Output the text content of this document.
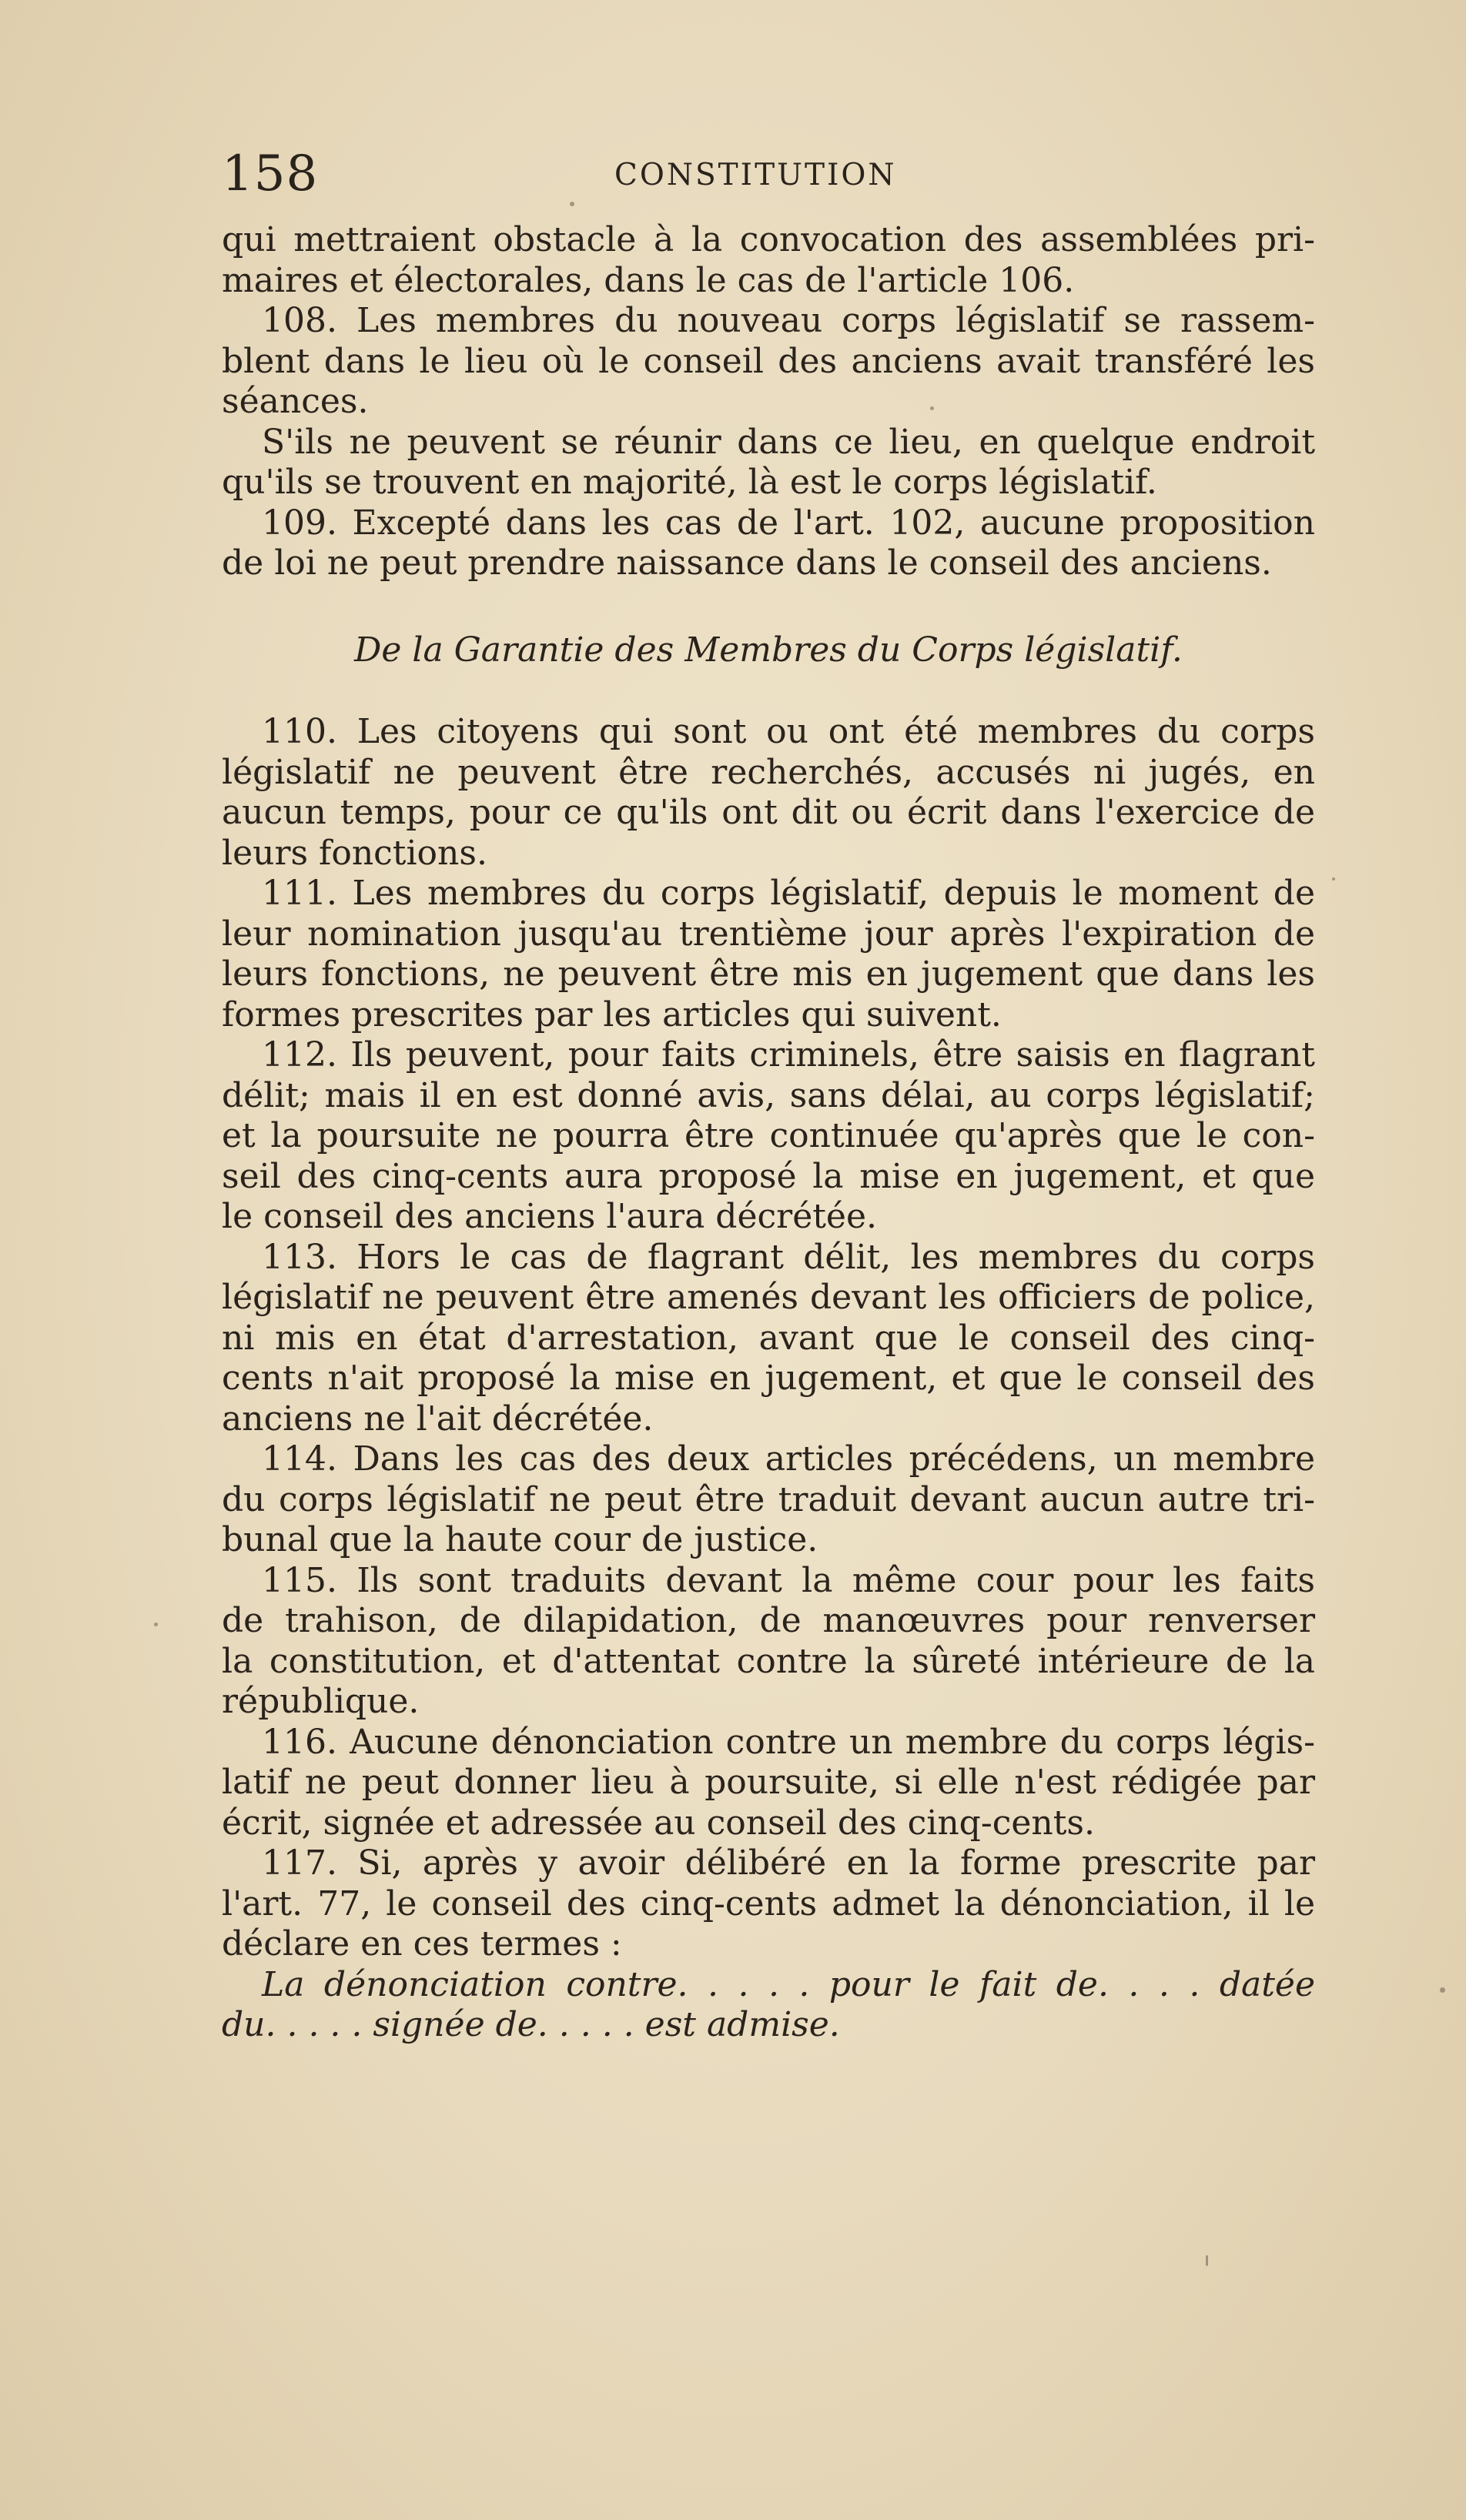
158	CONSTITUTION
qui mettraient obstacle à la convocation des assemblées pri-
maires et électorales, dans le cas de l'article 106.
108. Les membres du nouveau corps législatif se rassem-
blent dans le lieu où le conseil des anciens avait transféré les
séances.
S'ils ne peuvent se réunir dans ce lieu, en quelque endroit
qu'ils se trouvent en majorité, là est le corps législatif.
109. Excepté dans les cas de l'art. 102, aucune proposition
de loi ne peut prendre naissance dans le conseil des anciens.
De la Garantie des Membres du Corps législatif.
110. Les citoyens qui sont ou ont été membres du corps
législatif ne peuvent être recherchés, accusés ni jugés, en
aucun temps, pour ce qu'ils ont dit ou écrit dans l'exercice de
leurs fonctions.
111. Les membres du corps législatif, depuis le moment de
leur nomination jusqu'au trentième jour après l'expiration de
leurs fonctions, ne peuvent être mis en jugement que dans les
formes prescrites par les articles qui suivent.
112. Ils peuvent, pour faits criminels, être saisis en flagrant
délit; mais il en est donné avis, sans délai, au corps législatif;
et la poursuite ne pourra être continuée qu'après que le con-
seil des cinq-cents aura proposé la mise en jugement, et que
le conseil des anciens l'aura décrétée.
113. Hors le cas de flagrant délit, les membres du corps
législatif ne peuvent être amenés devant les officiers de police,
ni mis en état d'arrestation, avant que le conseil des cinq-
cents n'ait proposé la mise en jugement, et que le conseil des
anciens ne l'ait décrétée.
114. Dans les cas des deux articles précédens, un membre
du corps législatif ne peut être traduit devant aucun autre tri-
bunal que la haute cour de justice.
115. Ils sont traduits devant la même cour pour les faits
de trahison, de dilapidation, de manœuvres pour renverser
la constitution, et d'attentat contre la sûreté intérieure de la
république.
116. Aucune dénonciation contre un membre du corps légis-
latif ne peut donner lieu à poursuite, si elle n'est rédigée par
écrit, signée et adressée au conseil des cinq-cents.
117. Si, après y avoir délibéré en la forme prescrite par
l'art. 77, le conseil des cinq-cents admet la dénonciation, il le
déclare en ces termes :
La dénonciation contre. . . . . pour le fait de. . . . datée
du. . . . . signée de. . . . . est admise.
